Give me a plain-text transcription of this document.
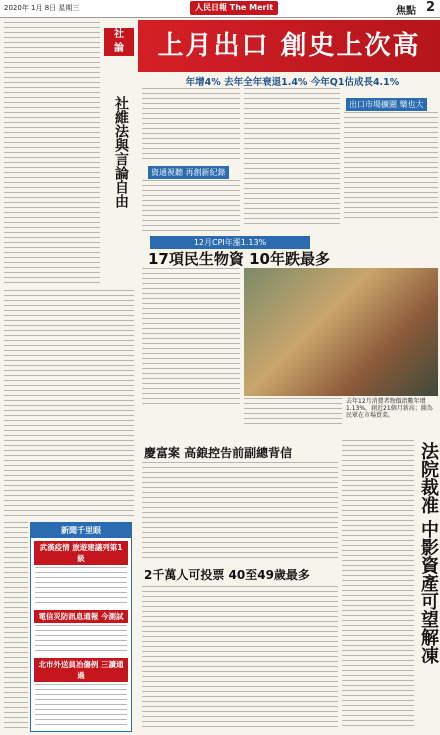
2020年 1月 8日 星期三	人民日報 The Merit	焦點 2
社
論
社維法與言論自由
新聞千里眼
武漢疫情 旅遊建議列第1級
電信災防訊息通報 今測試
北市外送員冶傷例 三讀通過
上月出口 創史上次高
年增4% 去年全年衰退1.4% 今年Q1估成長4.1%
出口市場擴圍 樂也大
資通視聽 再創新紀錄
12月CPI年漲1.13%
17項民生物資 10年跌最多
去年12月消費者物價指數年增1.13%，創近21個月新高；圖為民眾在市場買菜。
慶富案 高鋃控告前副總背信
2千萬人可投票 40至49歲最多	法院裁准 中影資產可望解凍
